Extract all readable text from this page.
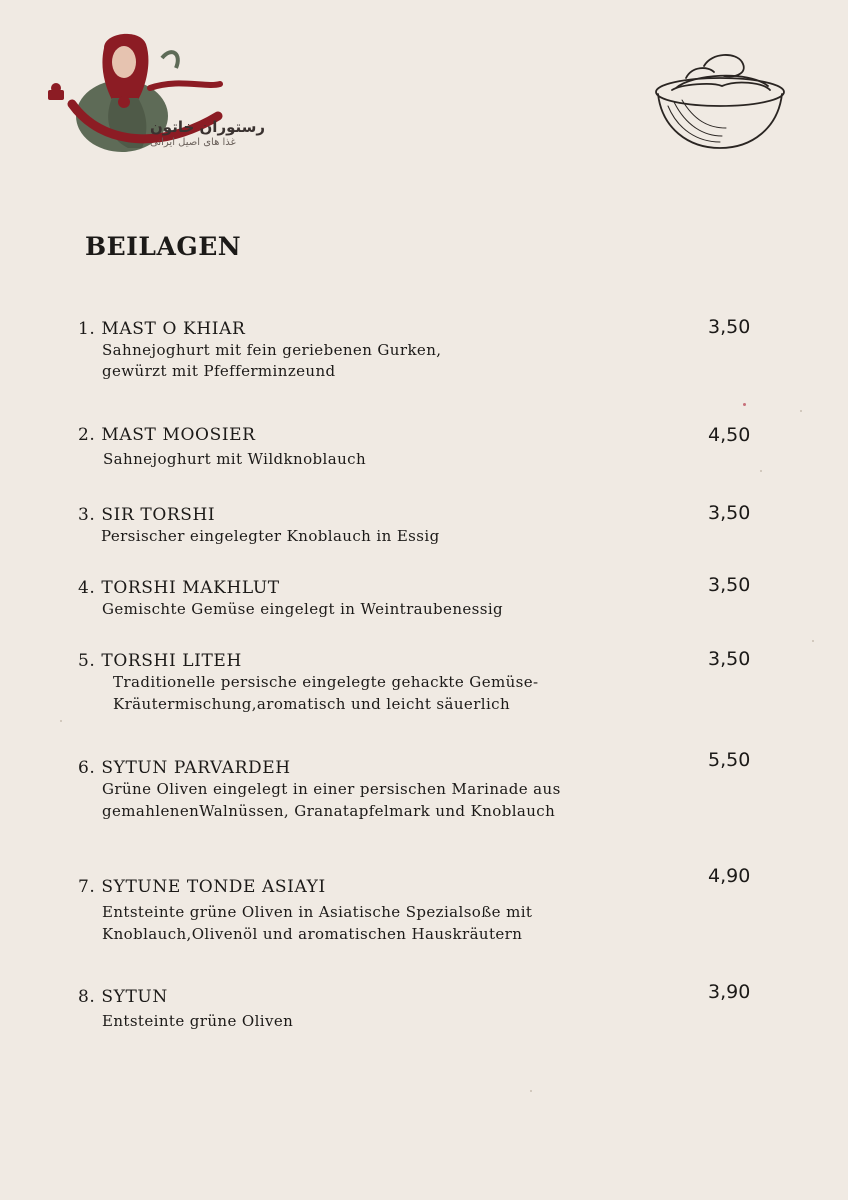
رستوران خاتون
غذا های اصیل ایرانی
BEILAGEN
1. MAST O KHIAR
Sahnejoghurt mit fein geriebenen Gurken,
gewürzt mit Pfefferminzeund
3,50
2. MAST MOOSIER
Sahnejoghurt mit Wildknoblauch
4,50
3. SIR TORSHI
Persischer eingelegter Knoblauch in Essig
3,50
4. TORSHI MAKHLUT
Gemischte Gemüse eingelegt in Weintraubenessig
3,50
5. TORSHI LITEH
Traditionelle persische eingelegte gehackte Gemüse-
Kräutermischung,aromatisch und leicht säuerlich
3,50
6. SYTUN PARVARDEH
Grüne Oliven eingelegt in einer persischen Marinade aus
gemahlenenWalnüssen, Granatapfelmark und Knoblauch
5,50
7. SYTUNE TONDE ASIAYI
Entsteinte grüne Oliven in Asiatische Spezialsoße mit
Knoblauch,Olivenöl und aromatischen Hauskräutern
4,90
8. SYTUN
Entsteinte grüne Oliven
3,90
